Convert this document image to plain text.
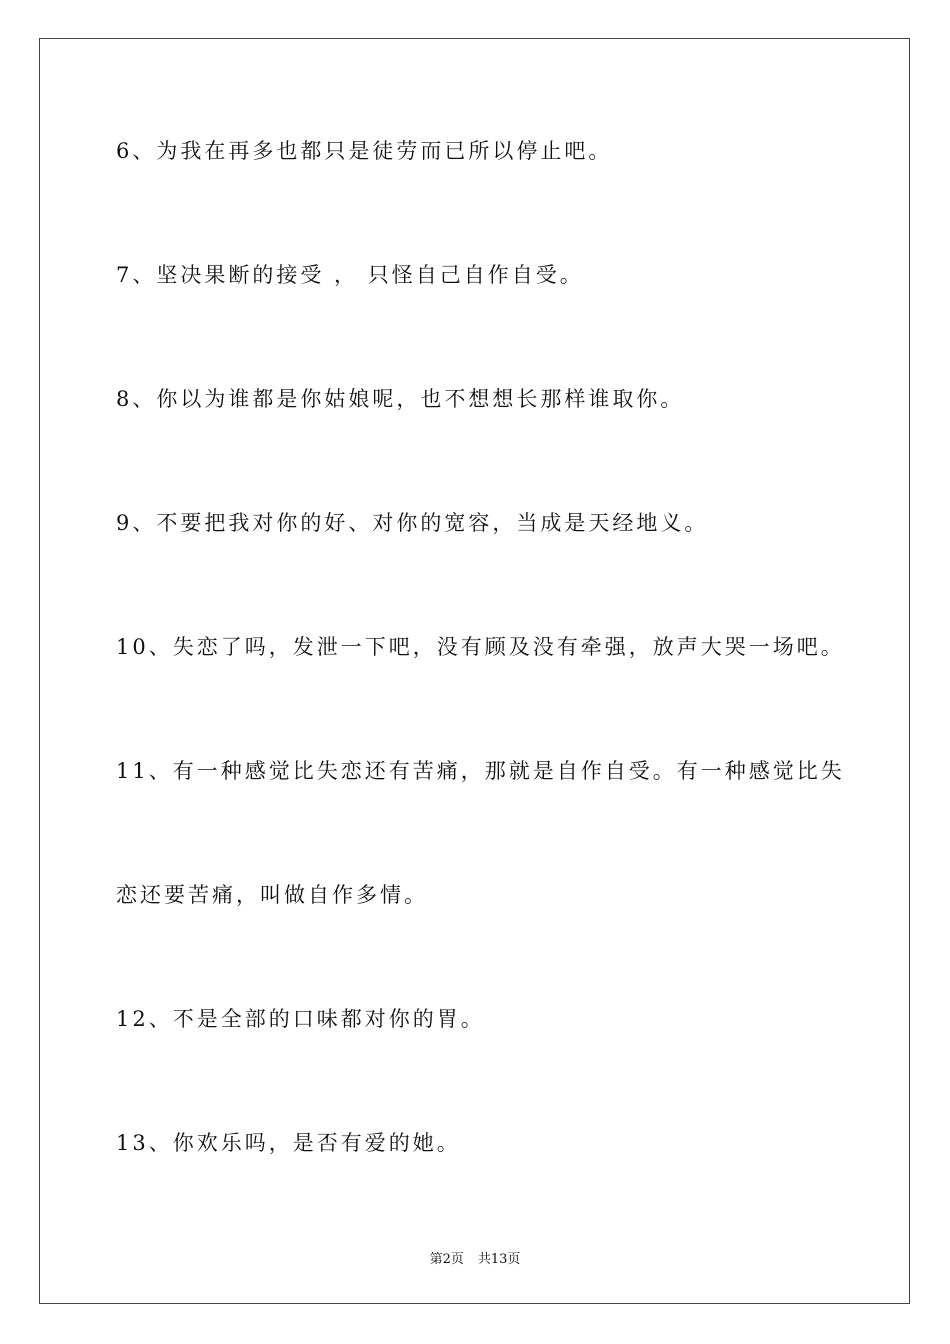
6、为我在再多也都只是徒劳而已所以停止吧。
7、坚决果断的接受 ， 只怪自己自作自受。
8、你以为谁都是你姑娘呢，也不想想长那样谁取你。
9、不要把我对你的好、对你的宽容，当成是天经地义。
10、失恋了吗，发泄一下吧，没有顾及没有牵强，放声大哭一场吧。
11、有一种感觉比失恋还有苦痛，那就是自作自受。有一种感觉比失
恋还要苦痛，叫做自作多情。
12、不是全部的口味都对你的胃。
13、你欢乐吗，是否有爱的她。
第2页 共13页
